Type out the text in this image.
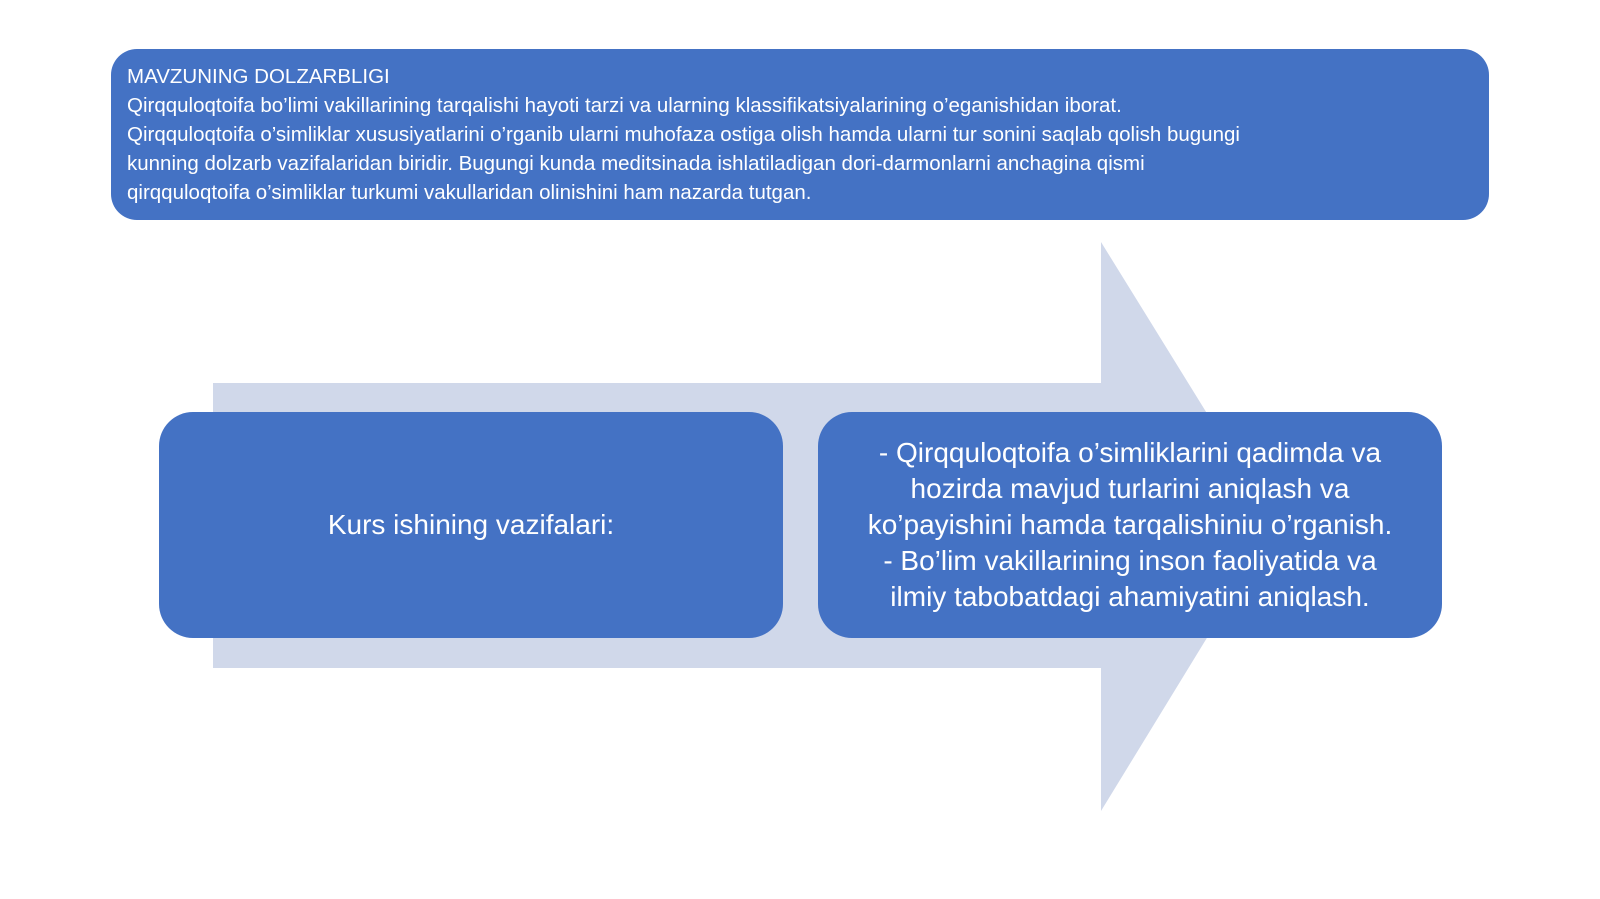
MAVZUNING DOLZARBLIGI
Qirqquloqtoifa bo’limi vakillarining tarqalishi hayoti tarzi va ularning klassifikatsiyalarining o’eganishidan iborat.
Qirqquloqtoifa o’simliklar xususiyatlarini o’rganib ularni muhofaza ostiga olish hamda ularni tur sonini saqlab qolish bugungi
kunning dolzarb vazifalaridan biridir. Bugungi kunda meditsinada ishlatiladigan dori-darmonlarni anchagina qismi
qirqquloqtoifa o’simliklar turkumi vakullaridan olinishini ham nazarda tutgan.
Kurs ishining vazifalari:
- Qirqquloqtoifa o’simliklarini qadimda va
hozirda mavjud turlarini aniqlash va
ko’payishini hamda tarqalishiniu o’rganish.
- Bo’lim vakillarining inson faoliyatida va
ilmiy tabobatdagi ahamiyatini aniqlash.
